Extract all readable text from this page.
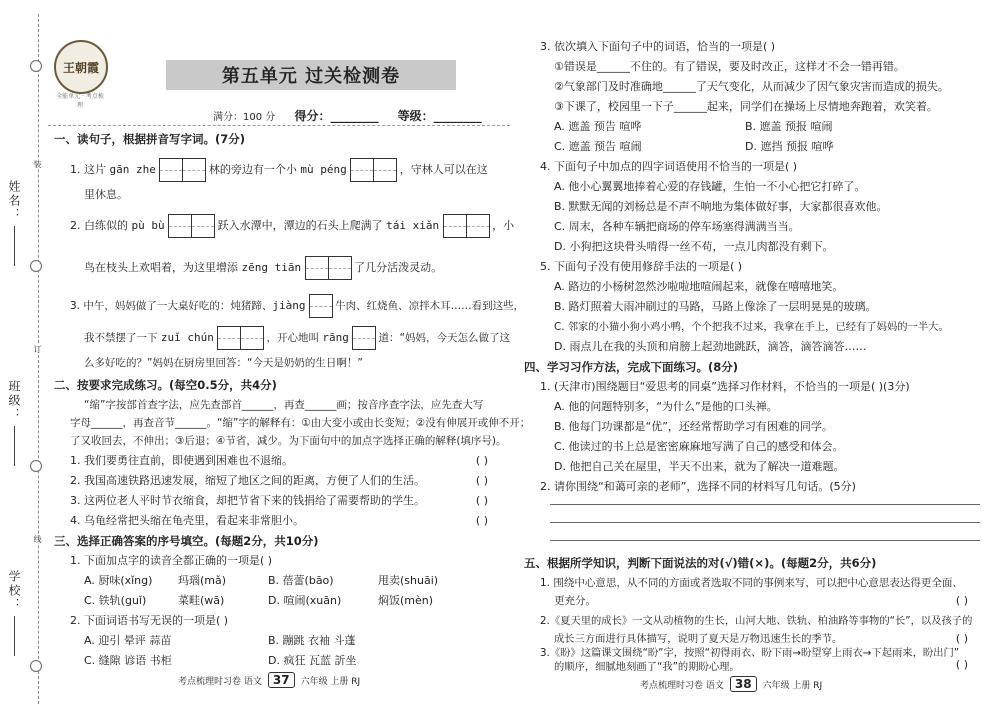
姓名：
班级：
学校：
装
订
线
王朝霞
全能单元 · 考点梳理
第五单元 过关检测卷
满分：100 分 得分：________ 等级：________
一、读句子，根据拼音写字词。(7分)
1. 这片 gān zhe	林的旁边有一个小 mù péng	，守林人可以在这
里休息。
2. 白练似的 pù bù	跃入水潭中，潭边的石头上爬满了 tái xiǎn	，小
鸟在枝头上欢唱着，为这里增添 zēng tiān	了几分活泼灵动。
3. 中午，妈妈做了一大桌好吃的：炖猪蹄、jiàng	牛肉、红烧鱼、凉拌木耳……看到这些，
我不禁摆了一下 zuǐ chún	，开心地叫 rāng	道：“妈妈，今天怎么做了这
么多好吃的？”妈妈在厨房里回答：“今天是奶奶的生日啊！”
二、按要求完成练习。(每空0.5分，共4分)
“缩”字按部首查字法，应先查部首______，再查______画；按音序查字法，应先查大写
字母______，再查音节______。“缩”字的解释有：①由大变小或由长变短；②没有伸展开或伸不开；
了又收回去，不伸出；③后退；④节省，减少。为下面句中的加点字选择正确的解释(填序号)。
1. 我们要勇往直前，即使遇到困难也不退缩。	( )
2. 我国高速铁路迅速发展，缩短了地区之间的距离，方便了人们的生活。	( )
3. 这两位老人平时节衣缩食，却把节省下来的钱捐给了需要帮助的学生。	( )
4. 乌龟经常把头缩在龟壳里，看起来非常胆小。	( )
三、选择正确答案的序号填空。(每题2分，共10分)
1. 下面加点字的读音全都正确的一项是( )
A. 厨味(xǐng) 玛瑙(mǎ)	B. 蓓蕾(bāo)	甩卖(shuāi)
C. 铁轨(guǐ)	菜畦(wā)	D. 喧闹(xuān)	焖饭(mèn)
2. 下面词语书写无误的一项是( )
A. 迎引 晕评 蒜苗	B. 蹦跳 衣袖 斗蓬
C. 缝隙 谚语 书柜	D. 疯狂 瓦蓝 訢坐
考点梳理时习卷 语文 37 六年级 上册 RJ
3. 依次填入下面句子中的词语，恰当的一项是( )
①错误是______不住的。有了错误，要及时改正，这样才不会一错再错。
②气象部门及时准确地______了天气变化，从而减少了因气象灾害而造成的损失。
③下课了，校园里一下子______起来，同学们在操场上尽情地奔跑着，欢笑着。
A. 遮盖 预告 喧哗	B. 遮盖 预报 喧闹
C. 遮盖 预告 喧闹	D. 遮挡 预报 喧哗
4. 下面句子中加点的四字词语使用不恰当的一项是( )
A. 他小心翼翼地捧着心爱的存钱罐，生怕一不小心把它打碎了。
B. 默默无闻的刘杨总是不声不响地为集体做好事，大家都很喜欢他。
C. 周末，各种车辆把商场的停车场塞得满满当当。
D. 小狗把这块骨头啃得一丝不苟，一点儿肉都没有剩下。
5. 下面句子没有使用修辞手法的一项是( )
A. 路边的小杨树忽然沙啦啦地喧闹起来，就像在嘻嘻地笑。
B. 路灯照着大雨冲刷过的马路，马路上像涂了一层明晃晃的玻璃。
C. 邻家的小猫小狗小鸡小鸭，个个把我不过来，我拿在手上，已经有了妈妈的一半大。
D. 雨点儿在我的头顶和肩膀上起劲地跳跃，滴答，滴答滴答……
四、学习习作方法，完成下面练习。(8分)
1. (天津市)围绕题目“爱思考的同桌”选择习作材料，不恰当的一项是( )(3分)
A. 他的问题特别多，“为什么”是他的口头禅。
B. 他每门功课都是“优”，还经常帮助学习有困难的同学。
C. 他读过的书上总是密密麻麻地写满了自己的感受和体会。
D. 他把自己关在屋里，半天不出来，就为了解决一道难题。
2. 请你围绕“和蔼可亲的老师”，选择不同的材料写几句话。(5分)
五、根据所学知识，判断下面说法的对(√)错(×)。(每题2分，共6分)
1. 围绕中心意思，从不同的方面或者选取不同的事例来写，可以把中心意思表达得更全面、
更充分。	( )
2.《夏天里的成长》一文从动植物的生长，山河大地、铁轨、柏油路等事物的“长”，以及孩子的
成长三方面进行具体描写，说明了夏天是万物迅速生长的季节。	( )
3.《盼》这篇课文围绕“盼”字，按照“初得雨衣、盼下雨→盼望穿上雨衣→下起雨来，盼出门”
的顺序，细腻地刻画了“我”的期盼心理。	( )
考点梳理时习卷 语文 38 六年级 上册 RJ
